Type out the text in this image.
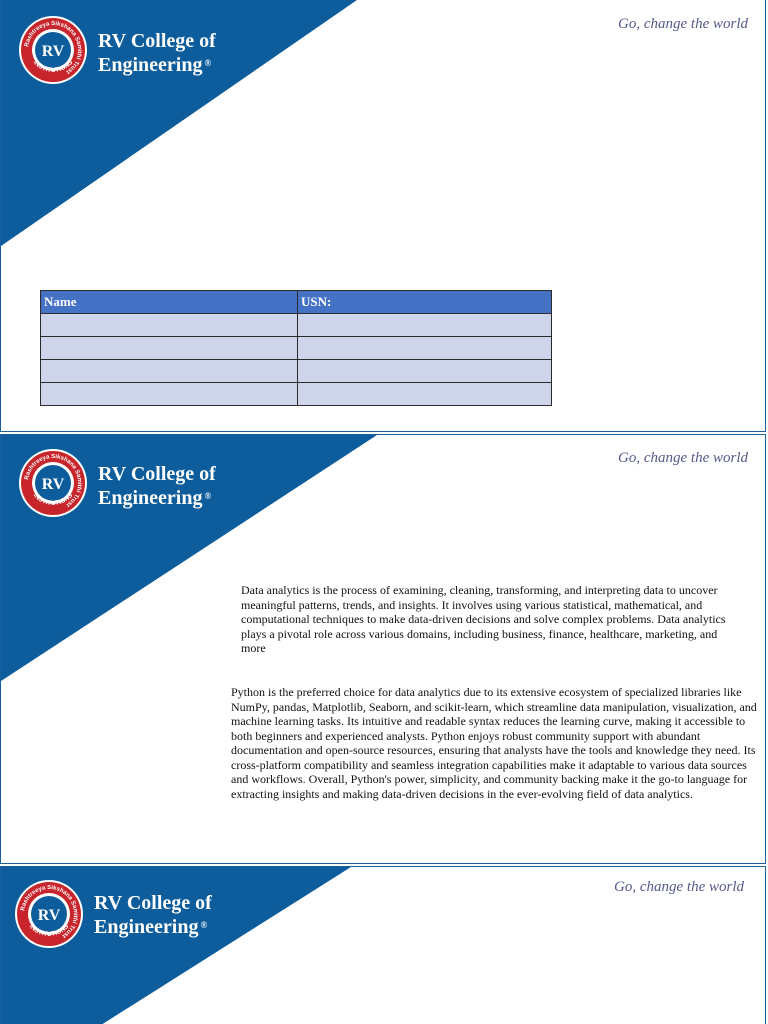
RV College of
Engineering ®
Go, change the world
Name	USN:

RV College of
Engineering ®
Go, change the world

Data analytics is the process of examining, cleaning, transforming, and interpreting data to uncover meaningful patterns, trends, and insights. It involves using various statistical, mathematical, and computational techniques to make data-driven decisions and solve complex problems. Data analytics plays a pivotal role across various domains, including business, finance, healthcare, marketing, and more

Python is the preferred choice for data analytics due to its extensive ecosystem of specialized libraries like NumPy, pandas, Matplotlib, Seaborn, and scikit-learn, which streamline data manipulation, visualization, and machine learning tasks. Its intuitive and readable syntax reduces the learning curve, making it accessible to both beginners and experienced analysts. Python enjoys robust community support with abundant documentation and open-source resources, ensuring that analysts have the tools and knowledge they need. Its cross-platform compatibility and seamless integration capabilities make it adaptable to various data sources and workflows. Overall, Python's power, simplicity, and community backing make it the go-to language for extracting insights and making data-driven decisions in the ever-evolving field of data analytics.

RV College of
Engineering ®
Go, change the world
